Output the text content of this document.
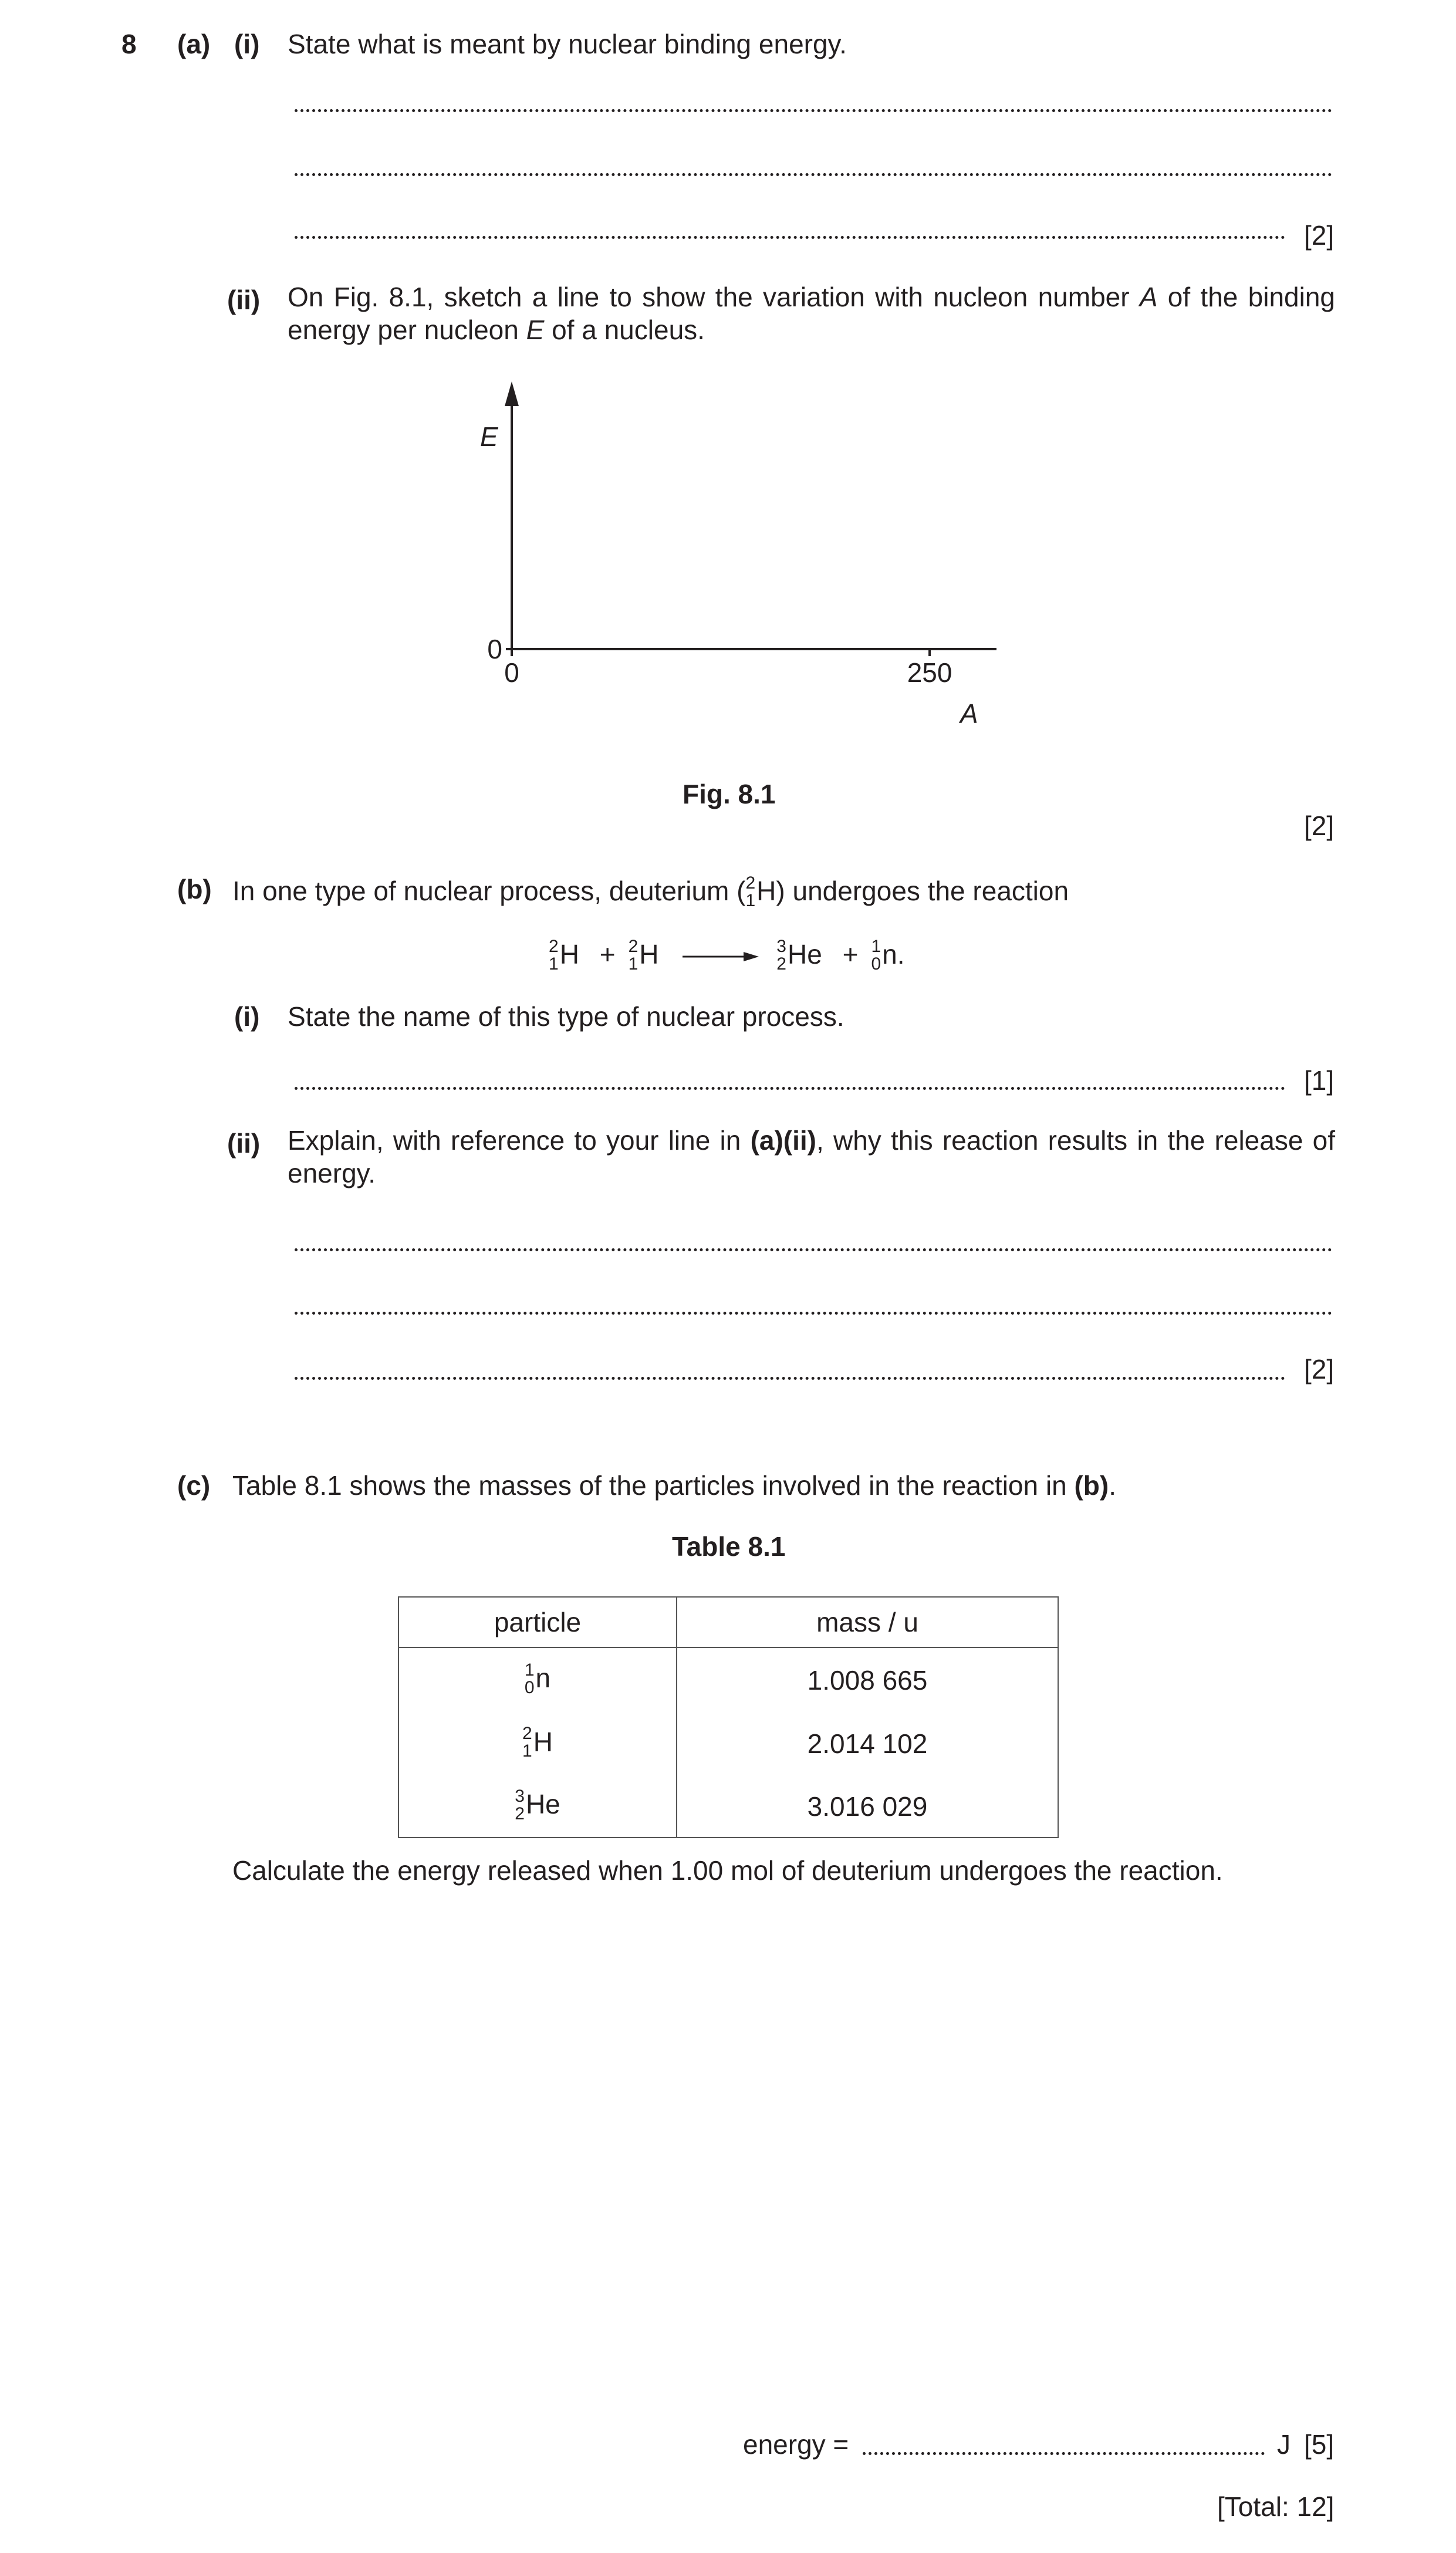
8 (a) (i) State what is meant by nuclear binding energy.
[2]
(ii) On Fig. 8.1, sketch a line to show the variation with nucleon number A of the binding energy per nucleon E of a nucleus.
0	250
0
E
A
Fig. 8.1
[2]
(b) In one type of nuclear process, deuterium ( 2
1 H) undergoes the reaction
2
1 H + 2
1 H →
3
2 He + 1
0 n.
(i) State the name of this type of nuclear process.
[1]
(ii) Explain, with reference to your line in (a)(ii), why this reaction results in the release of energy.
[2]
(c) Table 8.1 shows the masses of the particles involved in the reaction in (b).
Table 8.1
particle	mass / u

1
0 n	1.008 665

2
1 H	2.014 102

3
2 He	3.016 029
Calculate the energy released when 1.00 mol of deuterium undergoes the reaction.
energy =	J [5]
[Total: 12]
